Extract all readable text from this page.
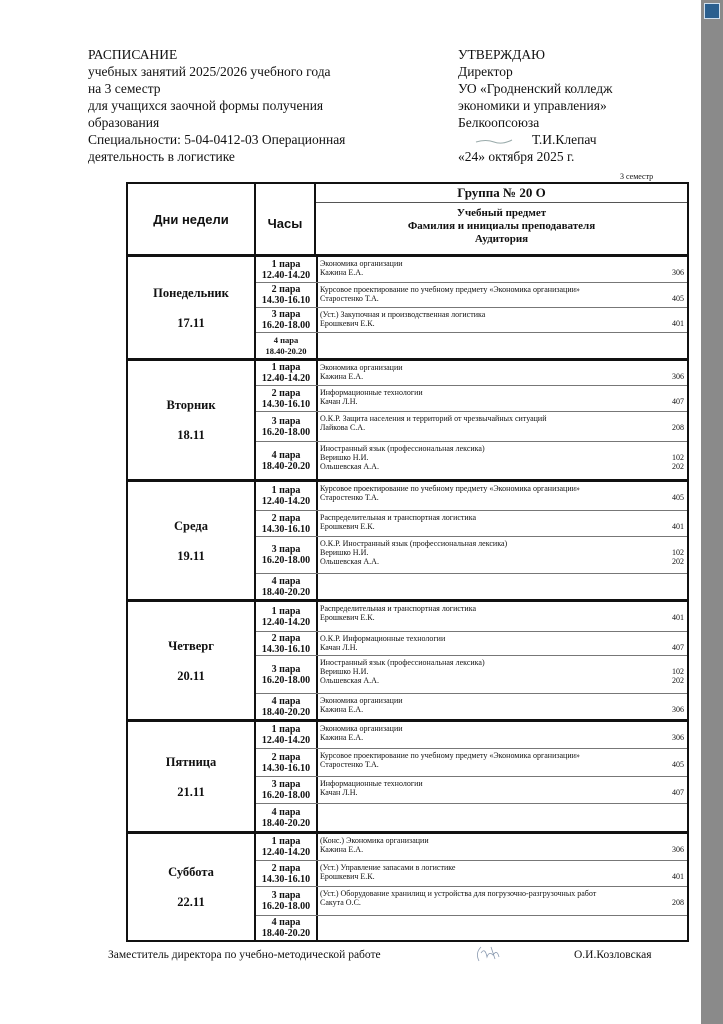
РАСПИСАНИЕ
учебных занятий 2025/2026 учебного года
на 3 семестр
для учащихся заочной формы получения
образования
Специальности: 5-04-0412-03 Операционная
деятельность в логистике
УТВЕРЖДАЮ
Директор
УО «Гродненский колледж
экономики и управления»
Белкоопсоюза
Т.И.Клепач
«24» октября 2025 г.
3 семестр
Дни недели	Часы
Группа № 20 О
Учебный предмет
Фамилия и инициалы преподавателя
Аудитория
Понедельник
17.11
1 пара
12.40-14.20
Экономика организации
Кажина Е.А.	306
2 пара
14.30-16.10
Курсовое проектирование по учебному предмету «Экономика организации»
Старостенко Т.А.	405
3 пара
16.20-18.00
(Уст.) Закупочная и производственная логистика
Ерошкевич Е.К.	401
4 пара
18.40-20.20
Вторник
18.11
1 пара
12.40-14.20
Экономика организации
Кажина Е.А.	306
2 пара
14.30-16.10
Информационные технологии
Качан Л.Н.	407
3 пара
16.20-18.00
О.К.Р. Защита населения и территорий от чрезвычайных ситуаций
Лайкова С.А.	208
4 пара
18.40-20.20
Иностранный язык (профессиональная лексика)
Веришко Н.И.	102
Ольшевская А.А.	202
Среда
19.11
1 пара
12.40-14.20
Курсовое проектирование по учебному предмету «Экономика организации»
Старостенко Т.А.	405
2 пара
14.30-16.10
Распределительная и транспортная логистика
Ерошкевич Е.К.	401
3 пара
16.20-18.00
О.К.Р. Иностранный язык (профессиональная лексика)
Веришко Н.И.	102
Ольшевская А.А.	202
4 пара
18.40-20.20
Четверг
20.11
1 пара
12.40-14.20
Распределительная и транспортная логистика
Ерошкевич Е.К.	401
2 пара
14.30-16.10
О.К.Р. Информационные технологии
Качан Л.Н.	407
3 пара
16.20-18.00
Иностранный язык (профессиональная лексика)
Веришко Н.И.	102
Ольшевская А.А.	202
4 пара
18.40-20.20
Экономика организации
Кажина Е.А.	306
Пятница
21.11
1 пара
12.40-14.20
Экономика организации
Кажина Е.А.	306
2 пара
14.30-16.10
Курсовое проектирование по учебному предмету «Экономика организации»
Старостенко Т.А.	405
3 пара
16.20-18.00
Информационные технологии
Качан Л.Н.	407
4 пара
18.40-20.20
Суббота
22.11
1 пара
12.40-14.20
(Конс.) Экономика организации
Кажина Е.А.	306
2 пара
14.30-16.10
(Уст.) Управление запасами в логистике
Ерошкевич Е.К.	401
3 пара
16.20-18.00
(Уст.) Оборудование хранилищ и устройства для погрузочно-разгрузочных работ
Сакута О.С.	208
4 пара
18.40-20.20
Заместитель директора по учебно-методической работе	О.И.Козловская
